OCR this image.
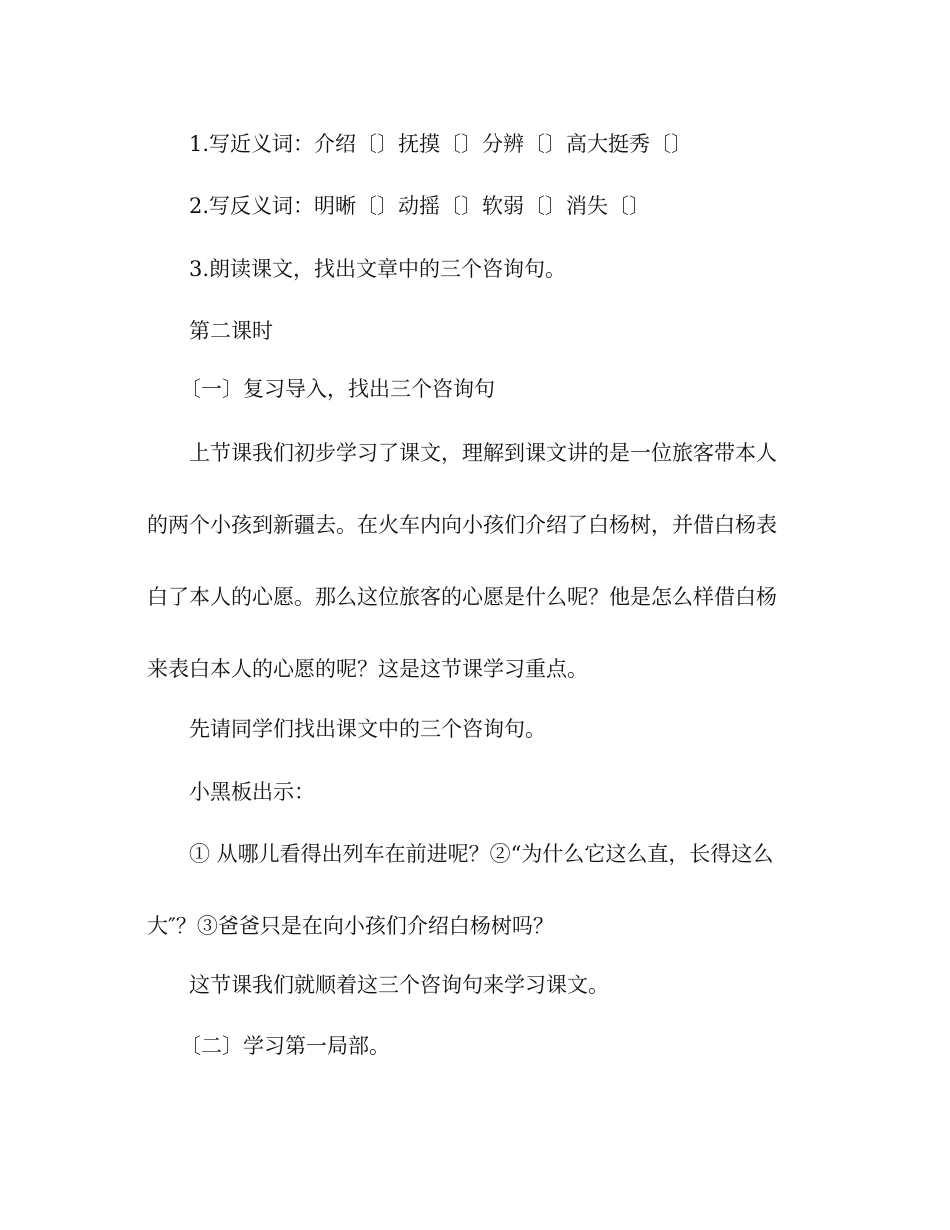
1.写近义词：介绍〔〕抚摸〔〕分辨〔〕高大挺秀〔〕
2.写反义词：明晰〔〕动摇〔〕软弱〔〕消失〔〕
3.朗读课文，找出文章中的三个咨询句。
第二课时
〔一〕复习导入，找出三个咨询句
上节课我们初步学习了课文，理解到课文讲的是一位旅客带本人
的两个小孩到新疆去。在火车内向小孩们介绍了白杨树，并借白杨表
白了本人的心愿。那么这位旅客的心愿是什么呢？他是怎么样借白杨
来表白本人的心愿的呢？这是这节课学习重点。
先请同学们找出课文中的三个咨询句。
小黑板出示：
① 从哪儿看得出列车在前进呢？②“为什么它这么直，长得这么
大″？③爸爸只是在向小孩们介绍白杨树吗？
这节课我们就顺着这三个咨询句来学习课文。
〔二〕学习第一局部。
